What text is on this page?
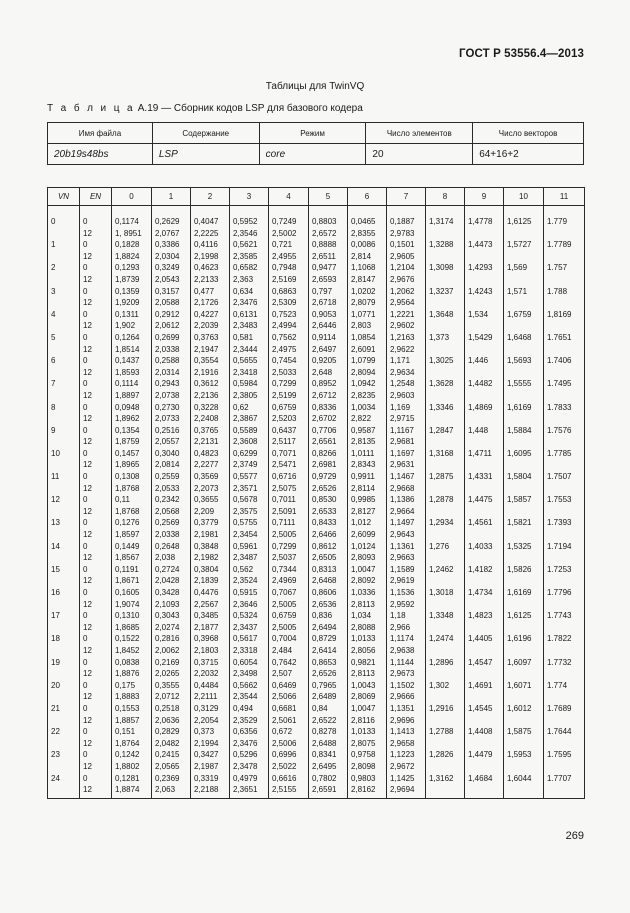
ГОСТ Р 53556.4—2013
Таблицы для TwinVQ
Т а б л и ц а А.19 — Сборник кодов LSP для базового кодера
Имя файла	Содержание	Режим	Число элементов	Число векторов
20b19s48bs	LSP	core	20	64+16+2
VN	EN	0	1	2	3	4	5	6	7	8	9	10	11

0	0	0,1174	0,2629	0,4047	0,5952	0,7249	0,8803	0,0465	0,1887	1,3174	1,4778	1,6125	1.779
	12	1, 8951	2,0767	2,2225	2,3546	2,5002	2,6572	2,8355	2,9783				
1	0	0,1828	0,3386	0,4116	0,5621	0,721	0,8888	0,0086	0,1501	1,3288	1,4473	1,5727	1.7789
	12	1,8824	2,0304	2,1998	2,3585	2,4955	2,6511	2,814	2,9605				
2	0	0,1293	0,3249	0,4623	0,6582	0,7948	0,9477	1,1068	1,2104	1,3098	1,4293	1,569	1.757
	12	1,8739	2,0543	2,2133	2,363	2,5169	2,6593	2,8147	2,9676				
3	0	0,1359	0,3157	0,477	0,634	0,6863	0,797	1,0202	1,2062	1,3237	1,4243	1,571	1.788
	12	1,9209	2,0588	2,1726	2,3476	2,5309	2,6718	2,8079	2,9564				
4	0	0,1311	0,2912	0,4227	0,6131	0,7523	0,9053	1,0771	1,2221	1,3648	1,534	1,6759	1,8169
	12	1,902	2,0612	2,2039	2,3483	2,4994	2,6446	2,803	2,9602				
5	0	0,1264	0,2699	0,3763	0,581	0,7562	0,9114	1,0854	1,2163	1,373	1,5429	1,6468	1.7651
	12	1,8514	2,0338	2,1947	2,3444	2,4975	2,6497	2,6091	2,9622				
6	0	0,1437	0,2588	0,3554	0,5655	0,7454	0,9205	1,0799	1,171	1,3025	1,446	1,5693	1.7406
	12	1,8593	2,0314	2,1916	2,3418	2,5033	2,648	2,8094	2,9634				
7	0	0,1114	0,2943	0,3612	0,5984	0,7299	0,8952	1,0942	1,2548	1,3628	1,4482	1,5555	1.7495
	12	1,8897	2,0738	2,2136	2,3805	2,5199	2,6712	2,8235	2,9603				
8	0	0,0948	0,2730	0,3228	0,62	0,6759	0,8336	1,0034	1,169	1,3346	1,4869	1,6169	1.7833
	12	1,8962	2,0733	2,2408	2,3867	2,5203	2,6702	2,822	2,9715				
9	0	0,1354	0,2516	0,3765	0,5589	0,6437	0,7706	0,9587	1,1167	1,2847	1,448	1,5884	1.7576
	12	1,8759	2,0557	2,2131	2,3608	2,5117	2,6561	2,8135	2,9681				
10	0	0,1457	0,3040	0,4823	0,6299	0,7071	0,8266	1,0111	1,1697	1,3168	1,4711	1,6095	1.7785
	12	1,8965	2,0814	2,2277	2,3749	2,5471	2,6981	2,8343	2,9631				
11	0	0,1308	0,2559	0,3569	0,5577	0,6716	0,9729	0,9911	1,1467	1,2875	1,4331	1,5804	1.7507
	12	1,8768	2,0533	2,2073	2,3571	2,5075	2,6526	2,8114	2,9668				
12	0	0,11	0,2342	0,3655	0,5678	0,7011	0,8530	0,9985	1,1386	1,2878	1,4475	1,5857	1.7553
	12	1,8768	2,0568	2,209	2,3575	2,5091	2,6533	2,8127	2,9664				
13	0	0,1276	0,2569	0,3779	0,5755	0,7111	0,8433	1,012	1,1497	1,2934	1,4561	1,5821	1.7393
	12	1,8597	2,0338	2,1981	2,3454	2,5005	2,6466	2,6099	2,9643				
14	0	0,1449	0,2648	0,3848	0,5961	0,7299	0,8612	1,0124	1,1361	1,276	1,4033	1,5325	1.7194
	12	1,8567	2,038	2,1982	2,3487	2,5037	2,6505	2,8093	2,9663				
15	0	0,1191	0,2724	0,3804	0,562	0,7344	0,8313	1,0047	1,1589	1,2462	1,4182	1,5826	1.7253
	12	1,8671	2,0428	2,1839	2,3524	2,4969	2,6468	2,8092	2,9619				
16	0	0,1605	0,3428	0,4476	0,5915	0,7067	0,8606	1,0336	1,1536	1,3018	1,4734	1,6169	1.7796
	12	1,9074	2,1093	2,2567	2,3646	2,5005	2,6536	2,8113	2,9592				
17	0	0,1310	0,3043	0,3485	0,5324	0,6759	0,836	1,034	1,18	1,3348	1,4823	1,6125	1.7743
	12	1,8685	2,0274	2,1877	2,3437	2,5005	2,6494	2,8088	2,966				
18	0	0,1522	0,2816	0,3968	0,5617	0,7004	0,8729	1,0133	1,1174	1,2474	1,4405	1,6196	1.7822
	12	1,8452	2,0062	2,1803	2,3318	2,484	2,6414	2,8056	2,9638				
19	0	0,0838	0,2169	0,3715	0,6054	0,7642	0,8653	0,9821	1,1144	1,2896	1,4547	1,6097	1.7732
	12	1,8876	2,0265	2,2032	2,3498	2,507	2,6526	2,8113	2,9673				
20	0	0,175	0,3555	0,4484	0,5662	0,6469	0,7965	1,0043	1,1502	1,302	1,4691	1,6071	1.774
	12	1,8883	2,0712	2,2111	2,3544	2,5066	2,6489	2,8069	2,9666				
21	0	0,1553	0,2518	0,3129	0,494	0,6681	0,84	1,0047	1,1351	1,2916	1,4545	1,6012	1.7689
	12	1,8857	2,0636	2,2054	2,3529	2,5061	2,6522	2,8116	2,9696				
22	0	0,151	0,2829	0,373	0,6356	0,672	0,8278	1,0133	1,1413	1,2788	1,4408	1,5875	1.7644
	12	1,8764	2,0482	2,1994	2,3476	2,5006	2,6488	2,8075	2,9658				
23	0	0,1242	0,2415	0,3427	0,5296	0,6996	0,8341	0,9758	1,1223	1,2826	1,4479	1,5953	1.7595
	12	1,8802	2,0565	2,1987	2,3478	2,5022	2,6495	2,8098	2,9672				
24	0	0,1281	0,2369	0,3319	0,4979	0,6616	0,7802	0,9803	1,1425	1,3162	1,4684	1,6044	1.7707
	12	1,8874	2,063	2,2188	2,3651	2,5155	2,6591	2,8162	2,9694				
269
